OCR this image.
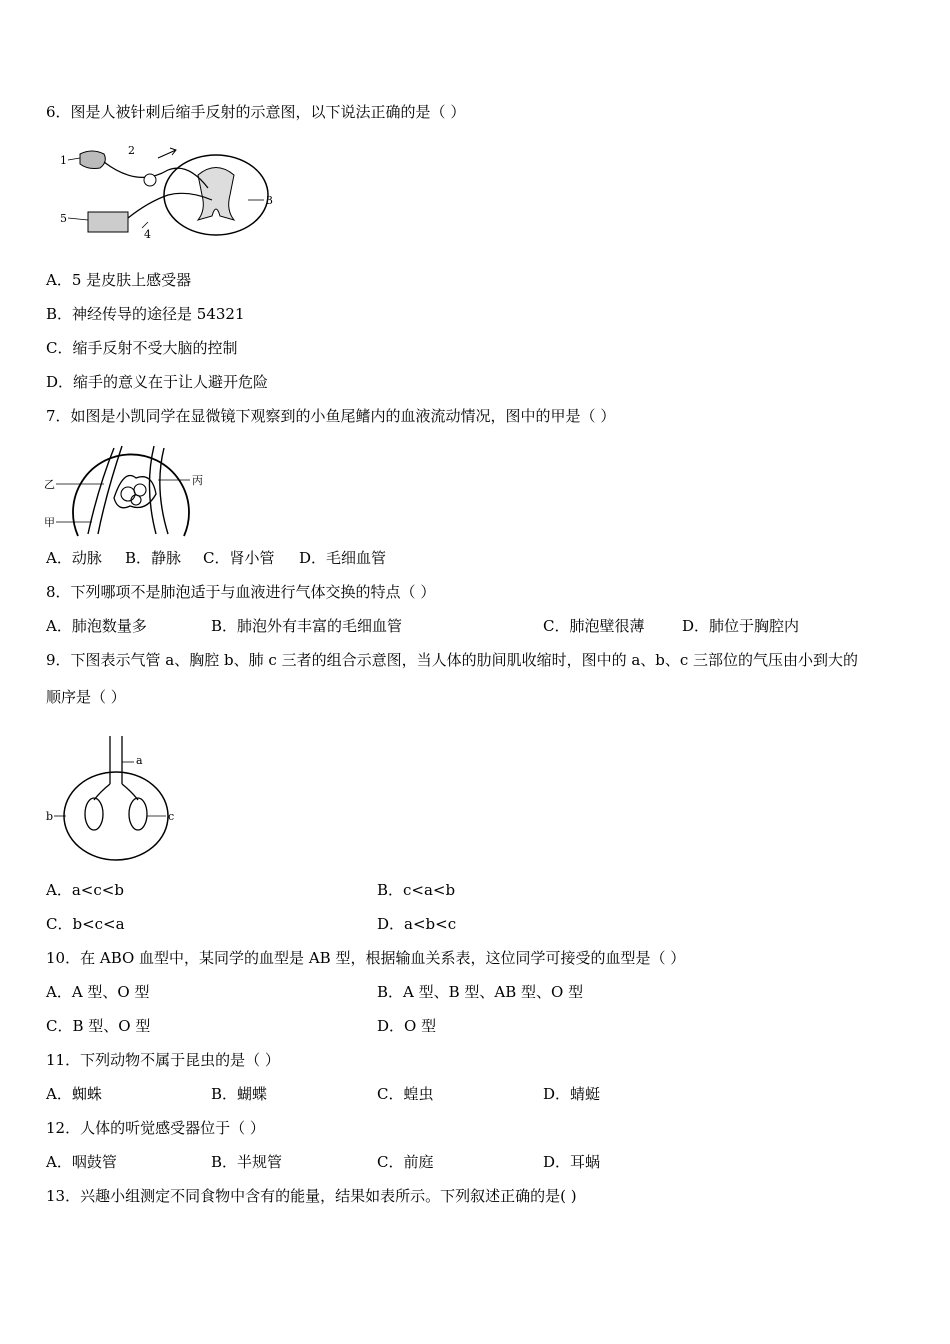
6．图是人被针刺后缩手反射的示意图，以下说法正确的是（ ）
1
2
3
4
5
A．5 是皮肤上感受器
B．神经传导的途径是 54321
C．缩手反射不受大脑的控制
D．缩手的意义在于让人避开危险
7．如图是小凯同学在显微镜下观察到的小鱼尾鳍内的血液流动情况，图中的甲是（ ）
乙	丙
甲
A．动脉 B．静脉 C．肾小管 D．毛细血管
8．下列哪项不是肺泡适于与血液进行气体交换的特点（ ）
A．肺泡数量多	B．肺泡外有丰富的毛细血管	C．肺泡壁很薄	D．肺位于胸腔内
9．下图表示气管 a、胸腔 b、肺 c 三者的组合示意图，当人体的肋间肌收缩时，图中的 a、b、c 三部位的气压由小到大的
顺序是（ ）
a
b	c
A．a<c<b	B．c<a<b
C．b<c<a	D．a<b<c
10．在 ABO 血型中，某同学的血型是 AB 型，根据输血关系表，这位同学可接受的血型是（ ）
A．A 型、O 型	B．A 型、B 型、AB 型、O 型
C．B 型、O 型	D．O 型
11．下列动物不属于昆虫的是（ ）
A．蜘蛛	B．蝴蝶	C．蝗虫	D．蜻蜓
12．人体的听觉感受器位于（ ）
A．咽鼓管	B．半规管	C．前庭	D．耳蜗
13．兴趣小组测定不同食物中含有的能量，结果如表所示。下列叙述正确的是( )
